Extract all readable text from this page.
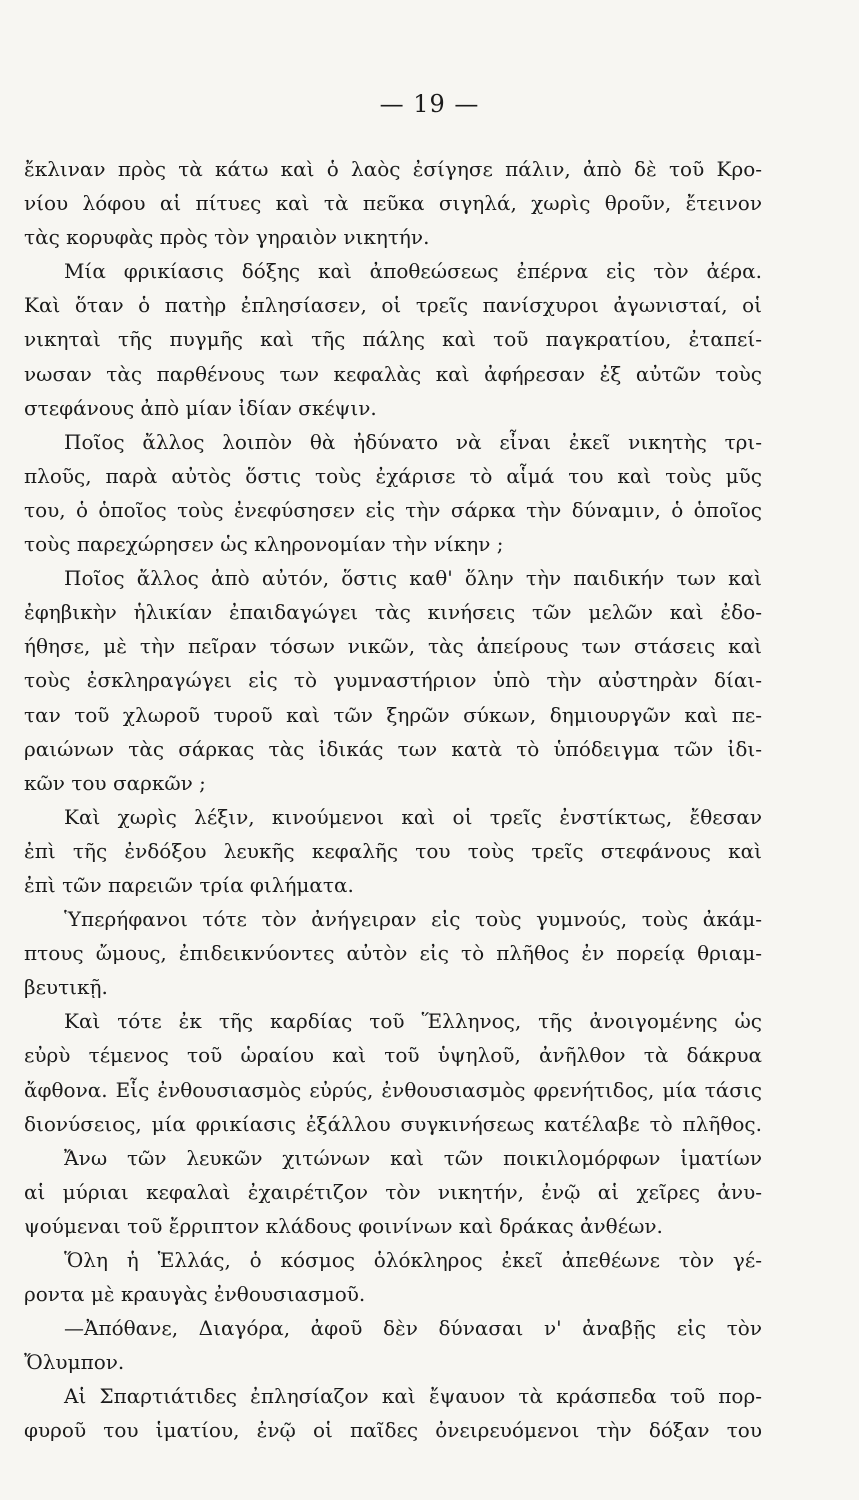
— 19 —
ἔκλιναν πρὸς τὰ κάτω καὶ ὁ λαὸς ἐσίγησε πάλιν, ἀπὸ δὲ τοῦ Κρο-
νίου λόφου αἱ πίτυες καὶ τὰ πεῦκα σιγηλά, χωρὶς θροῦν, ἔτεινον
τὰς κορυφὰς πρὸς τὸν γηραιὸν νικητήν.
Μία φρικίασις δόξης καὶ ἀποθεώσεως ἐπέρνα εἰς τὸν ἀέρα.
Καὶ ὅταν ὁ πατὴρ ἐπλησίασεν, οἱ τρεῖς πανίσχυροι ἀγωνισταί, οἱ
νικηταὶ τῆς πυγμῆς καὶ τῆς πάλης καὶ τοῦ παγκρατίου, ἐταπεί-
νωσαν τὰς παρθένους των κεφαλὰς καὶ ἀφήρεσαν ἐξ αὐτῶν τοὺς
στεφάνους ἀπὸ μίαν ἰδίαν σκέψιν.
Ποῖος ἄλλος λοιπὸν θὰ ἠδύνατο νὰ εἶναι ἐκεῖ νικητὴς τρι-
πλοῦς, παρὰ αὐτὸς ὅστις τοὺς ἐχάρισε τὸ αἷμά του καὶ τοὺς μῦς
του, ὁ ὁποῖος τοὺς ἐνεφύσησεν εἰς τὴν σάρκα τὴν δύναμιν, ὁ ὁποῖος
τοὺς παρεχώρησεν ὡς κληρονομίαν τὴν νίκην ;
Ποῖος ἄλλος ἀπὸ αὐτόν, ὅστις καθ' ὅλην τὴν παιδικήν των καὶ
ἐφηβικὴν ἡλικίαν ἐπαιδαγώγει τὰς κινήσεις τῶν μελῶν καὶ ἐδο-
ήθησε, μὲ τὴν πεῖραν τόσων νικῶν, τὰς ἀπείρους των στάσεις καὶ
τοὺς ἐσκληραγώγει εἰς τὸ γυμναστήριον ὑπὸ τὴν αὐστηρὰν δίαι-
ταν τοῦ χλωροῦ τυροῦ καὶ τῶν ξηρῶν σύκων, δημιουργῶν καὶ πε-
ραιώνων τὰς σάρκας τὰς ἰδικάς των κατὰ τὸ ὑπόδειγμα τῶν ἰδι-
κῶν του σαρκῶν ;
Καὶ χωρὶς λέξιν, κινούμενοι καὶ οἱ τρεῖς ἐνστίκτως, ἔθεσαν
ἐπὶ τῆς ἐνδόξου λευκῆς κεφαλῆς του τοὺς τρεῖς στεφάνους καὶ
ἐπὶ τῶν παρειῶν τρία φιλήματα.
Ὑπερήφανοι τότε τὸν ἀνήγειραν εἰς τοὺς γυμνούς, τοὺς ἀκάμ-
πτους ὤμους, ἐπιδεικνύοντες αὐτὸν εἰς τὸ πλῆθος ἐν πορείᾳ θριαμ-
βευτικῇ.
Καὶ τότε ἐκ τῆς καρδίας τοῦ Ἕλληνος, τῆς ἀνοιγομένης ὡς
εὐρὺ τέμενος τοῦ ὡραίου καὶ τοῦ ὑψηλοῦ, ἀνῆλθον τὰ δάκρυα
ἄφθονα. Εἷς ἐνθουσιασμὸς εὐρύς, ἐνθουσιασμὸς φρενήτιδος, μία τάσις
διονύσειος, μία φρικίασις ἐξάλλου συγκινήσεως κατέλαβε τὸ πλῆθος.
Ἄνω τῶν λευκῶν χιτώνων καὶ τῶν ποικιλομόρφων ἱματίων
αἱ μύριαι κεφαλαὶ ἐχαιρέτιζον τὸν νικητήν, ἐνῷ αἱ χεῖρες ἀνυ-
ψούμεναι τοῦ ἔρριπτον κλάδους φοινίνων καὶ δράκας ἀνθέων.
Ὅλη ἡ Ἑλλάς, ὁ κόσμος ὁλόκληρος ἐκεῖ ἀπεθέωνε τὸν γέ-
ροντα μὲ κραυγὰς ἐνθουσιασμοῦ.
—Ἀπόθανε, Διαγόρα, ἀφοῦ δὲν δύνασαι ν' ἀναβῇς εἰς τὸν
Ὄλυμπον.
Αἱ Σπαρτιάτιδες ἐπλησίαζον καὶ ἔψαυον τὰ κράσπεδα τοῦ πορ-
φυροῦ του ἱματίου, ἐνῷ οἱ παῖδες ὀνειρευόμενοι τὴν δόξαν του
